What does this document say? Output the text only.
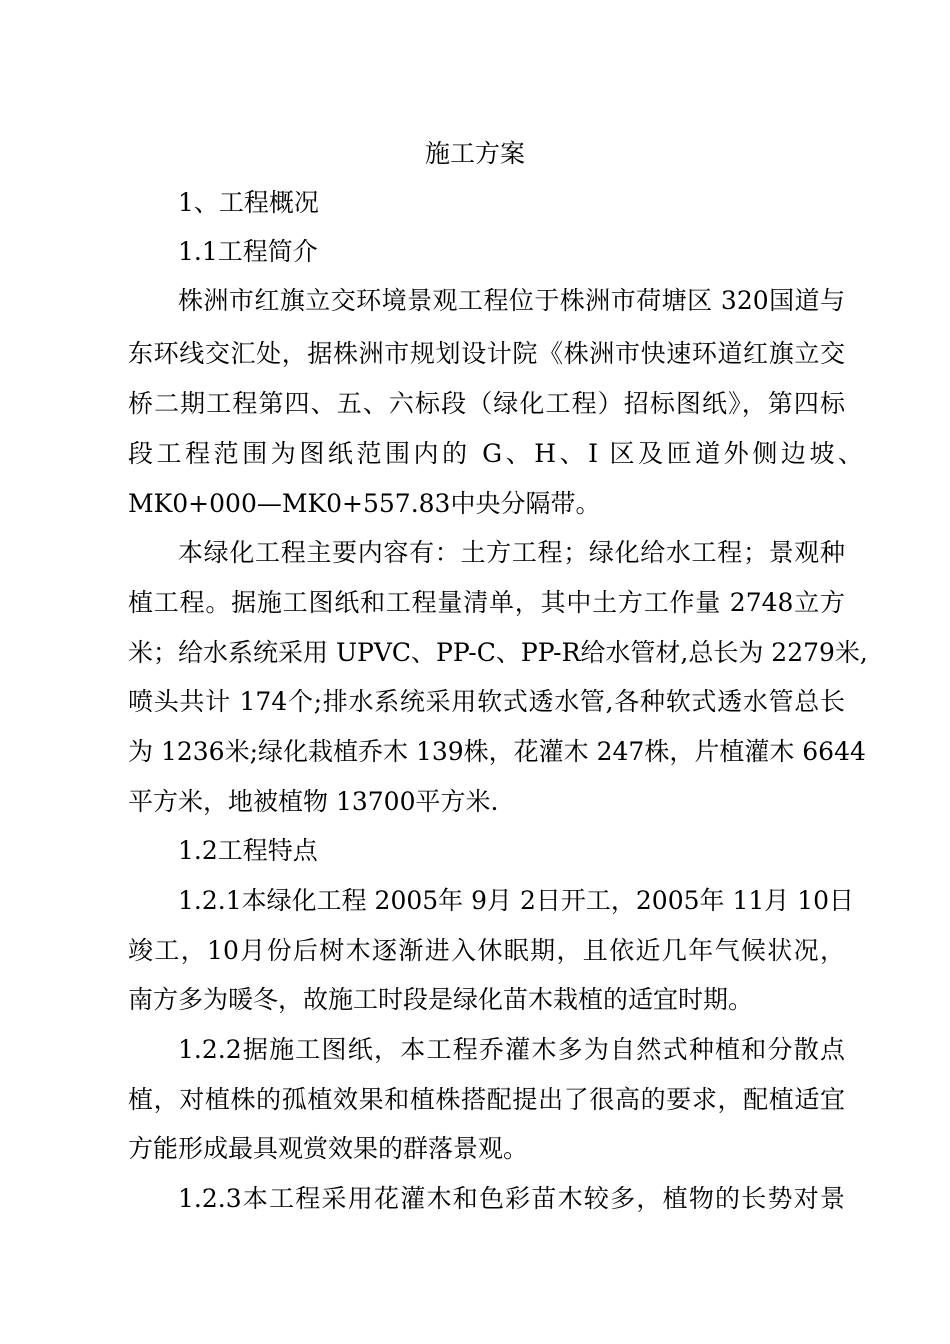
施工方案
1、工程概况
1.1工程简介
株洲市红旗立交环境景观工程位于株洲市荷塘区 320国道与
东环线交汇处，据株洲市规划设计院《株洲市快速环道红旗立交
桥二期工程第四、五、六标段（绿化工程）招标图纸》，第四标
段工程范围为图纸范围内的 G、H、I 区及匝道外侧边坡、
MK0+000—MK0+557.83中央分隔带。
本绿化工程主要内容有：土方工程；绿化给水工程；景观种
植工程。据施工图纸和工程量清单，其中土方工作量 2748立方
米；给水系统采用 UPVC、PP-C、PP-R给水管材,总长为 2279米,
喷头共计 174个;排水系统采用软式透水管,各种软式透水管总长
为 1236米;绿化栽植乔木 139株，花灌木 247株，片植灌木 6644
平方米，地被植物 13700平方米.
1.2工程特点
1.2.1本绿化工程 2005年 9月 2日开工，2005年 11月 10日
竣工，10月份后树木逐渐进入休眠期，且依近几年气候状况，
南方多为暖冬，故施工时段是绿化苗木栽植的适宜时期。
1.2.2据施工图纸，本工程乔灌木多为自然式种植和分散点
植，对植株的孤植效果和植株搭配提出了很高的要求，配植适宜
方能形成最具观赏效果的群落景观。
1.2.3本工程采用花灌木和色彩苗木较多，植物的长势对景
